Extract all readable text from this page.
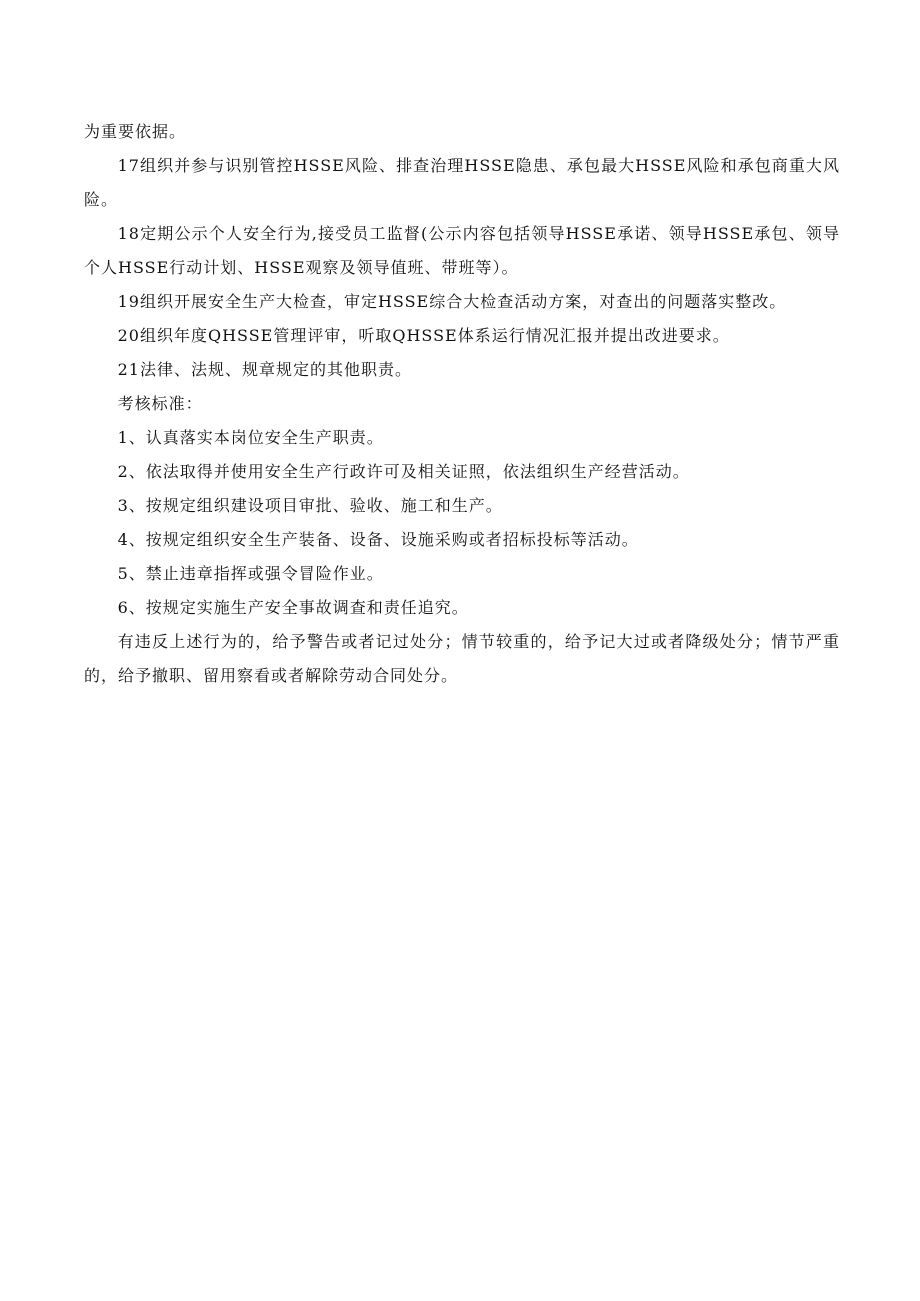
为重要依据。

17组织并参与识别管控HSSE风险、排查治理HSSE隐患、承包最大HSSE风险和承包商重大风险。

18定期公示个人安全行为,接受员工监督(公示内容包括领导HSSE承诺、领导HSSE承包、领导个人HSSE行动计划、HSSE观察及领导值班、带班等）。

19组织开展安全生产大检查，审定HSSE综合大检查活动方案，对查出的问题落实整改。

20组织年度QHSSE管理评审，听取QHSSE体系运行情况汇报并提出改进要求。

21法律、法规、规章规定的其他职责。

考核标准：

1、认真落实本岗位安全生产职责。

2、依法取得并使用安全生产行政许可及相关证照，依法组织生产经营活动。

3、按规定组织建设项目审批、验收、施工和生产。

4、按规定组织安全生产装备、设备、设施采购或者招标投标等活动。

5、禁止违章指挥或强令冒险作业。

6、按规定实施生产安全事故调查和责任追究。

有违反上述行为的，给予警告或者记过处分；情节较重的，给予记大过或者降级处分；情节严重的，给予撤职、留用察看或者解除劳动合同处分。
